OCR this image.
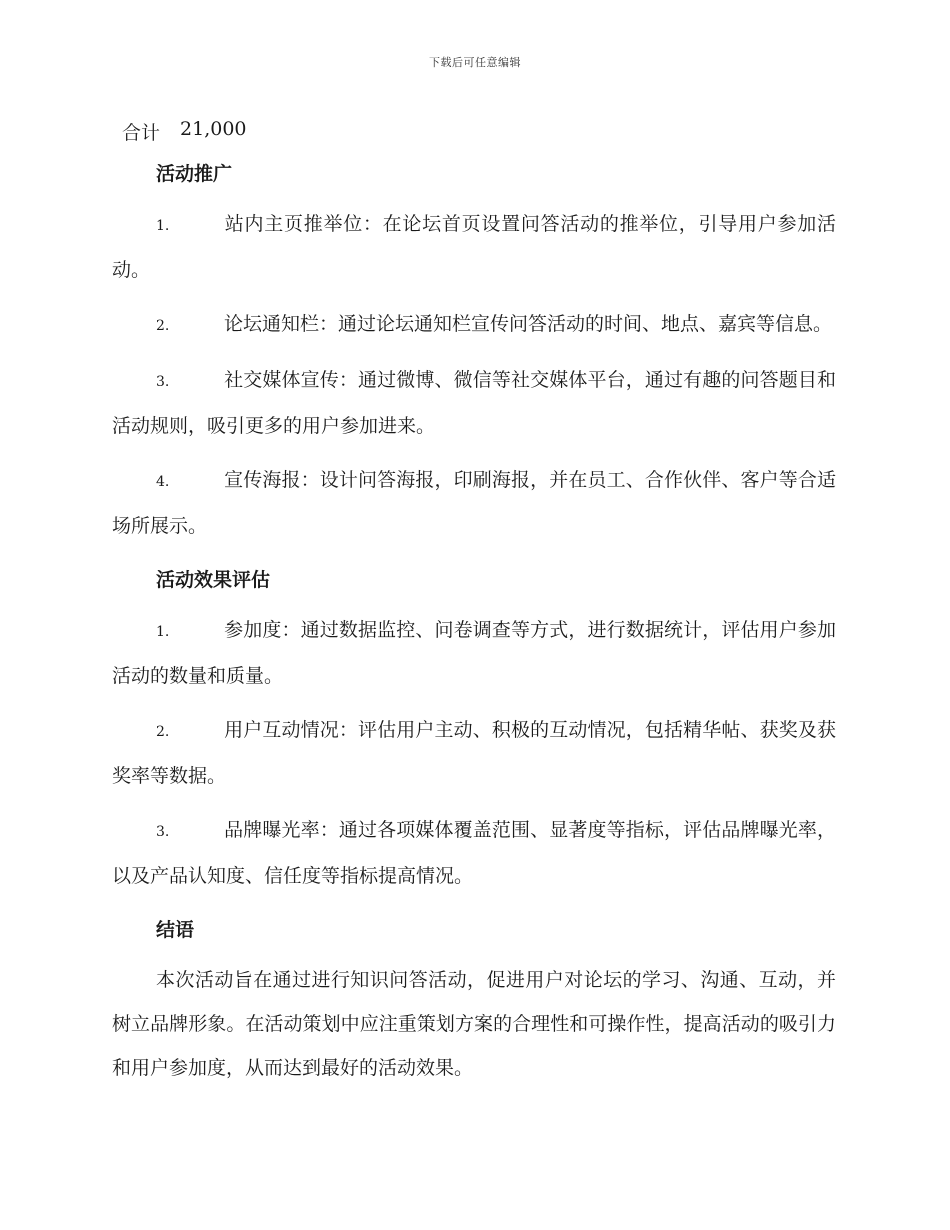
下载后可任意编辑
合计 21,000
活动推广
1.	站内主页推举位：在论坛首页设置问答活动的推举位，引导用户参加活动。
2.	论坛通知栏：通过论坛通知栏宣传问答活动的时间、地点、嘉宾等信息。
3.	社交媒体宣传：通过微博、微信等社交媒体平台，通过有趣的问答题目和活动规则，吸引更多的用户参加进来。
4.	宣传海报：设计问答海报，印刷海报，并在员工、合作伙伴、客户等合适场所展示。
活动效果评估
1.	参加度：通过数据监控、问卷调查等方式，进行数据统计，评估用户参加活动的数量和质量。
2.	用户互动情况：评估用户主动、积极的互动情况，包括精华帖、获奖及获奖率等数据。
3.	品牌曝光率：通过各项媒体覆盖范围、显著度等指标，评估品牌曝光率，以及产品认知度、信任度等指标提高情况。
结语
本次活动旨在通过进行知识问答活动，促进用户对论坛的学习、沟通、互动，并树立品牌形象。在活动策划中应注重策划方案的合理性和可操作性，提高活动的吸引力和用户参加度，从而达到最好的活动效果。
